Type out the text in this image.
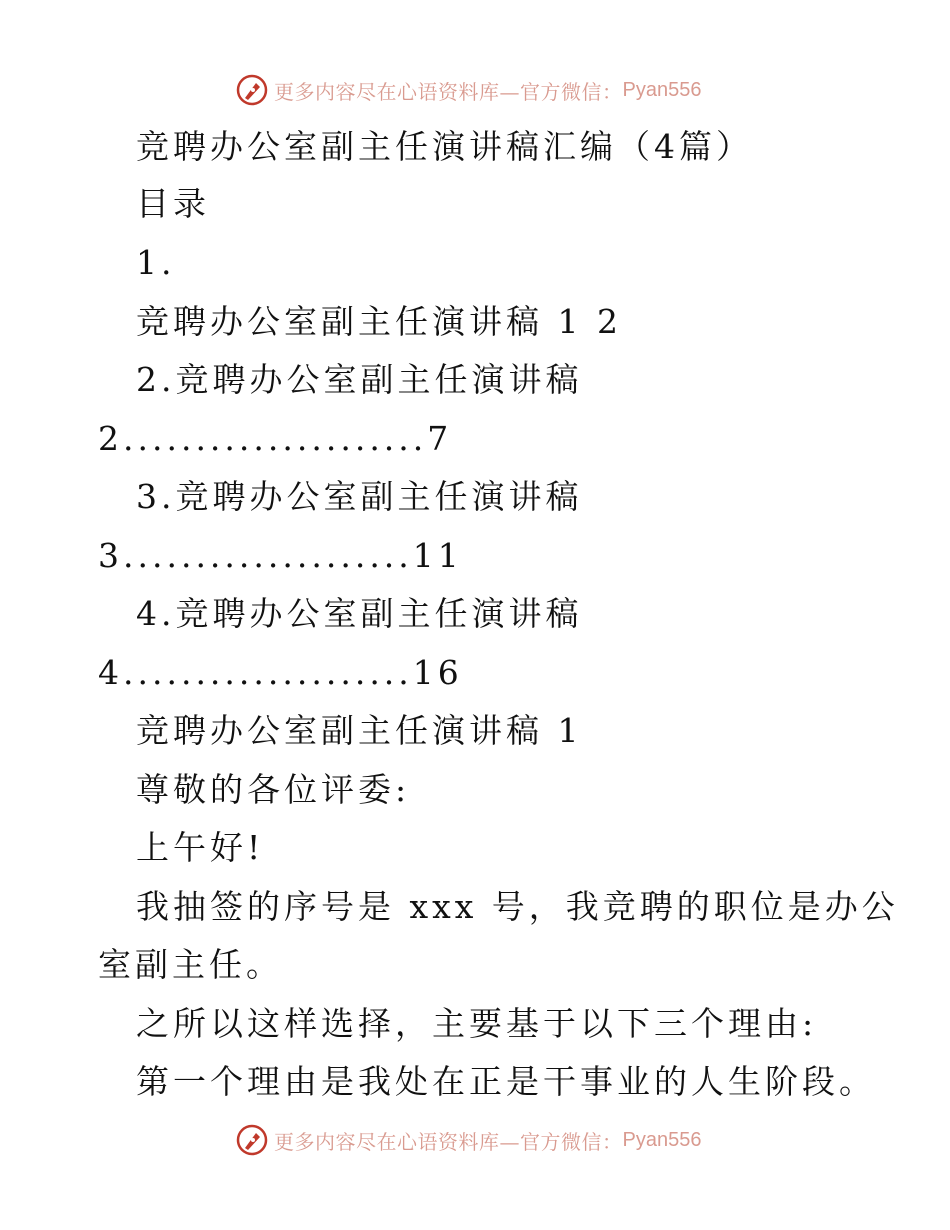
更多内容尽在心语资料库—官方微信： Pyan556
竞聘办公室副主任演讲稿汇编（4篇）
目录
1.
竞聘办公室副主任演讲稿 1 2
2.竞聘办公室副主任演讲稿
2.....................7
3.竞聘办公室副主任演讲稿
3....................11
4.竞聘办公室副主任演讲稿
4....................16
竞聘办公室副主任演讲稿 1
尊敬的各位评委:
上午好!
我抽签的序号是 xxx 号，我竞聘的职位是办公
室副主任。
之所以这样选择，主要基于以下三个理由:
第一个理由是我处在正是干事业的人生阶段。
更多内容尽在心语资料库—官方微信： Pyan556
